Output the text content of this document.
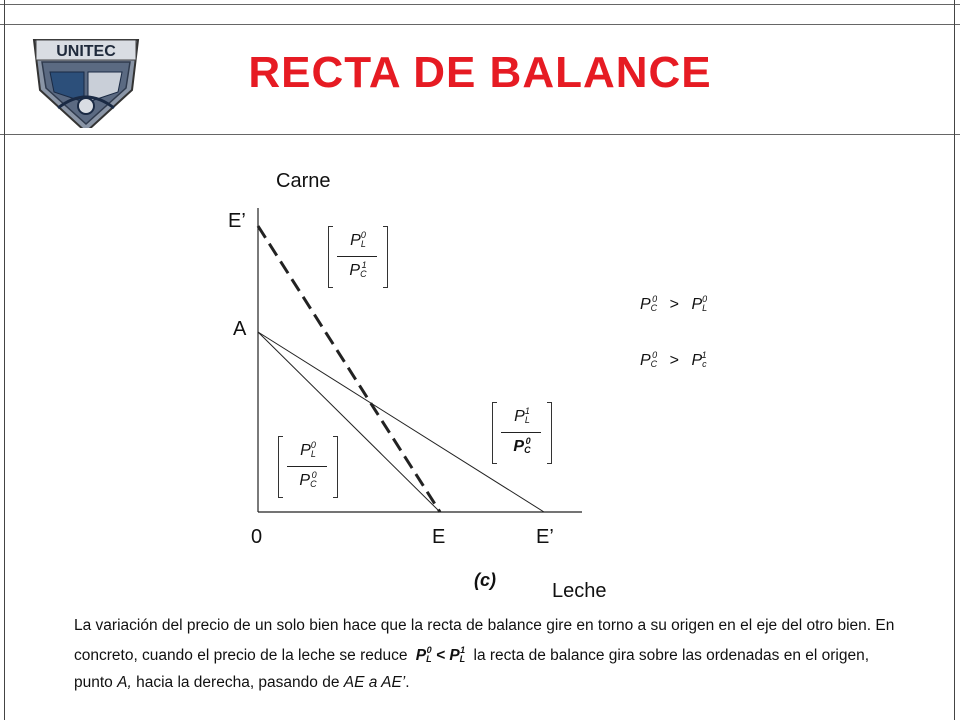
UNITEC	RECTA DE BALANCE
Carne
E’
A
0	E	E’
(c)	Leche
$P_L^0$
$P_C^1$
$P_L^0$
$P_C^0$
$P_L^1$
$P_C^0$
$P_C^0 > P_L^0$
$P_C^0 > P_c^1$
La variación del precio de un solo bien hace que la recta de balance gire en torno a su origen en el eje del otro bien. En concreto, cuando el precio de la leche se reduce $P_L^0 < P_L^1$ la recta de balance gira sobre las ordenadas en el origen, punto A, hacia la derecha, pasando de AE a AE’.
